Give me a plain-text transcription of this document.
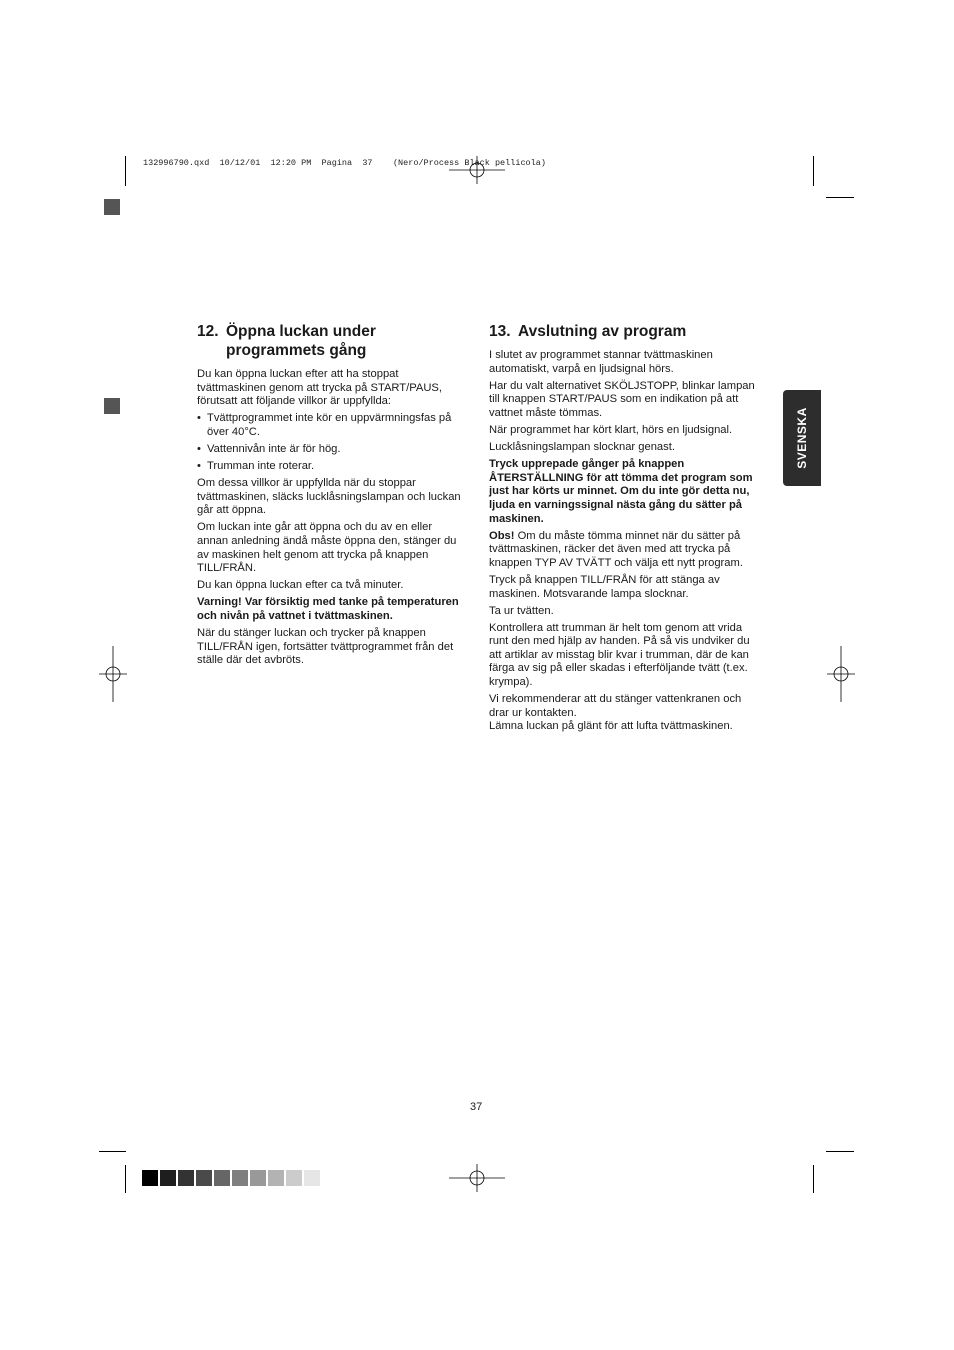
132996790.qxd  10/12/01  12:20 PM  Pagina  37    (Nero/Process Black pellicola)
12. Öppna luckan under programmets gång

Du kan öppna luckan efter att ha stoppat tvättmaskinen genom att trycka på START/PAUS, förutsatt att följande villkor är uppfyllda:

• Tvättprogrammet inte kör en uppvärmningsfas på över 40°C.
• Vattennivån inte är för hög.
• Trumman inte roterar.

Om dessa villkor är uppfyllda när du stoppar tvättmaskinen, släcks lucklåsningslampan och luckan går att öppna.

Om luckan inte går att öppna och du av en eller annan anledning ändå måste öppna den, stänger du av maskinen helt genom att trycka på knappen TILL/FRÅN.

Du kan öppna luckan efter ca två minuter.

Varning! Var försiktig med tanke på temperaturen och nivån på vattnet i tvättmaskinen.

När du stänger luckan och trycker på knappen TILL/FRÅN igen, fortsätter tvättprogrammet från det ställe där det avbröts.

13. Avslutning av program

I slutet av programmet stannar tvättmaskinen automatiskt, varpå en ljudsignal hörs.

Har du valt alternativet SKÖLJSTOPP, blinkar lampan till knappen START/PAUS som en indikation på att vattnet måste tömmas.

När programmet har kört klart, hörs en ljudsignal.

Lucklåsningslampan slocknar genast.

Tryck upprepade gånger på knappen ÅTERSTÄLLNING för att tömma det program som just har körts ur minnet. Om du inte gör detta nu, ljuda en varningssignal nästa gång du sätter på maskinen.

Obs! Om du måste tömma minnet när du sätter på tvättmaskinen, räcker det även med att trycka på knappen TYP AV TVÄTT och välja ett nytt program.

Tryck på knappen TILL/FRÅN för att stänga av maskinen. Motsvarande lampa slocknar.

Ta ur tvätten.

Kontrollera att trumman är helt tom genom att vrida runt den med hjälp av handen. På så vis undviker du att artiklar av misstag blir kvar i trumman, där de kan färga av sig på eller skadas i efterföljande tvätt (t.ex. krympa).

Vi rekommenderar att du stänger vattenkranen och drar ur kontakten.

Lämna luckan på glänt för att lufta tvättmaskinen.

SVENSKA
37
